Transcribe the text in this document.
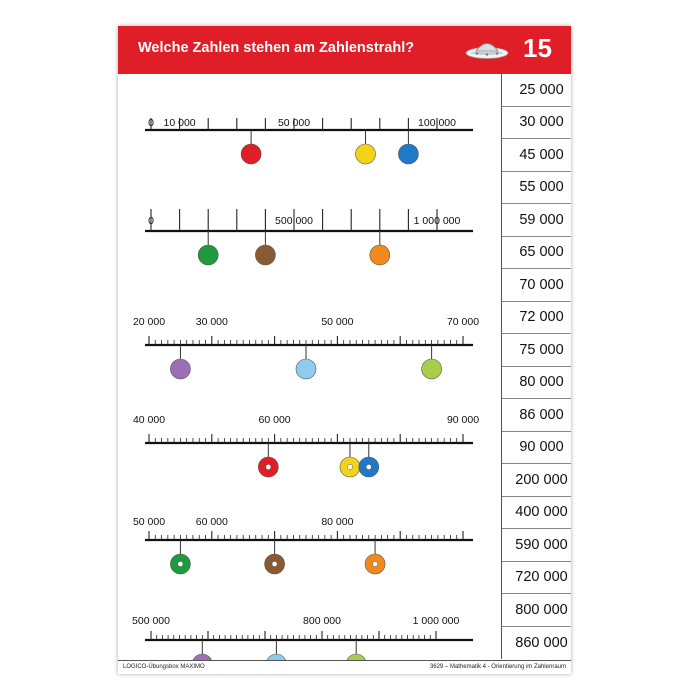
Welche Zahlen stehen am Zahlenstrahl?	15
0 10 000	50 000	100 000
0	500 000	1 000 000
20 000	30 000	50 000	70 000
40 000	60 000	90 000
50 000	60 000	80 000
500 000	800 000	1 000 000
25 000
30 000
45 000
55 000
59 000
65 000
70 000
72 000
75 000
80 000
86 000
90 000
200 000
400 000
590 000
720 000
800 000
860 000
LOGICO-Übungsbox MAXIMO	3629 – Mathematik 4 - Orientierung im Zahlenraum
